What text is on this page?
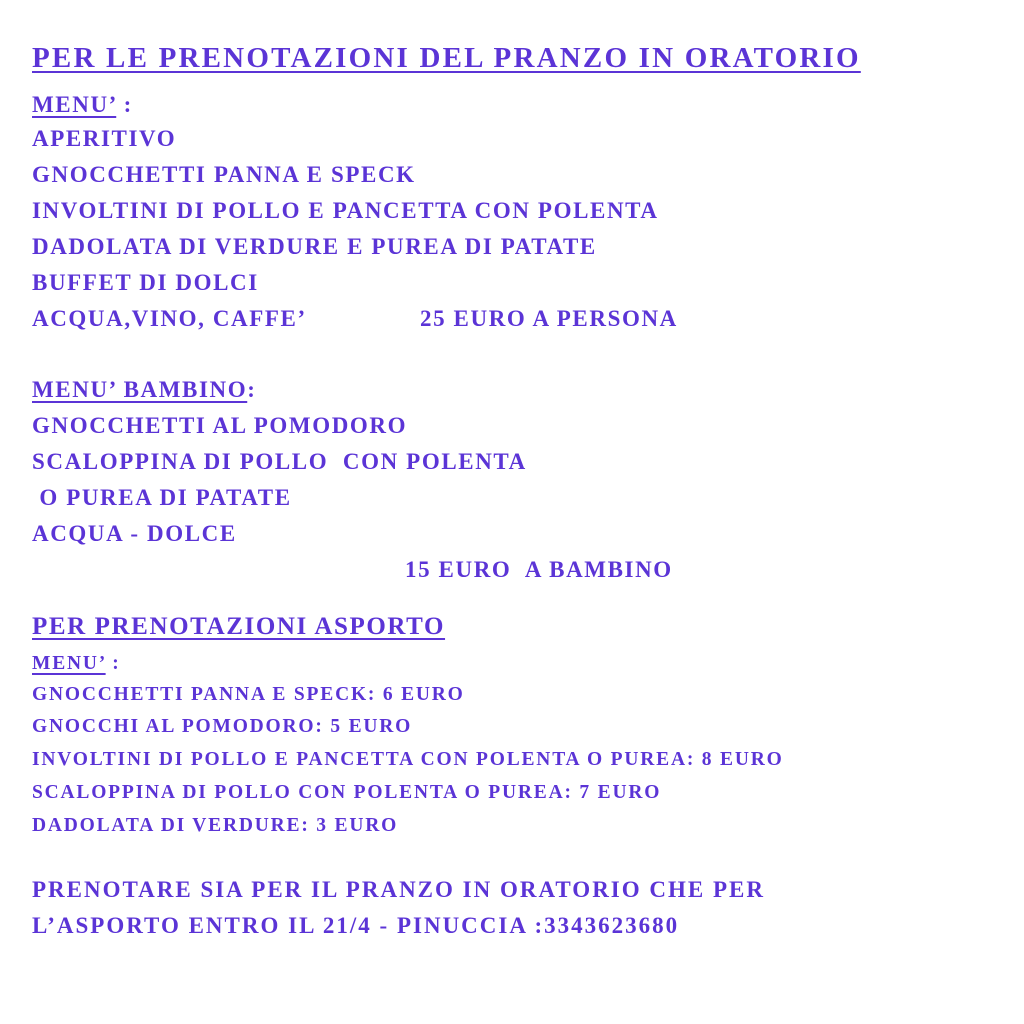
PER LE PRENOTAZIONI DEL PRANZO IN ORATORIO
MENU’ :
APERITIVO
GNOCCHETTI PANNA E SPECK
INVOLTINI DI POLLO E PANCETTA CON POLENTA
DADOLATA DI VERDURE E PUREA DI PATATE
BUFFET DI DOLCI
ACQUA,VINO, CAFFE’	25 EURO A PERSONA
MENU’ BAMBINO:
GNOCCHETTI AL POMODORO
SCALOPPINA DI POLLO  CON POLENTA
O PUREA DI PATATE
ACQUA - DOLCE
15 EURO  A BAMBINO
PER PRENOTAZIONI ASPORTO
MENU’ :
GNOCCHETTI PANNA E SPECK: 6 EURO
GNOCCHI AL POMODORO: 5 EURO
INVOLTINI DI POLLO E PANCETTA CON POLENTA O PUREA: 8 EURO
SCALOPPINA DI POLLO CON POLENTA O PUREA: 7 EURO
DADOLATA DI VERDURE: 3 EURO
PRENOTARE SIA PER IL PRANZO IN ORATORIO CHE PER
L’ASPORTO ENTRO IL 21/4 - PINUCCIA :3343623680
